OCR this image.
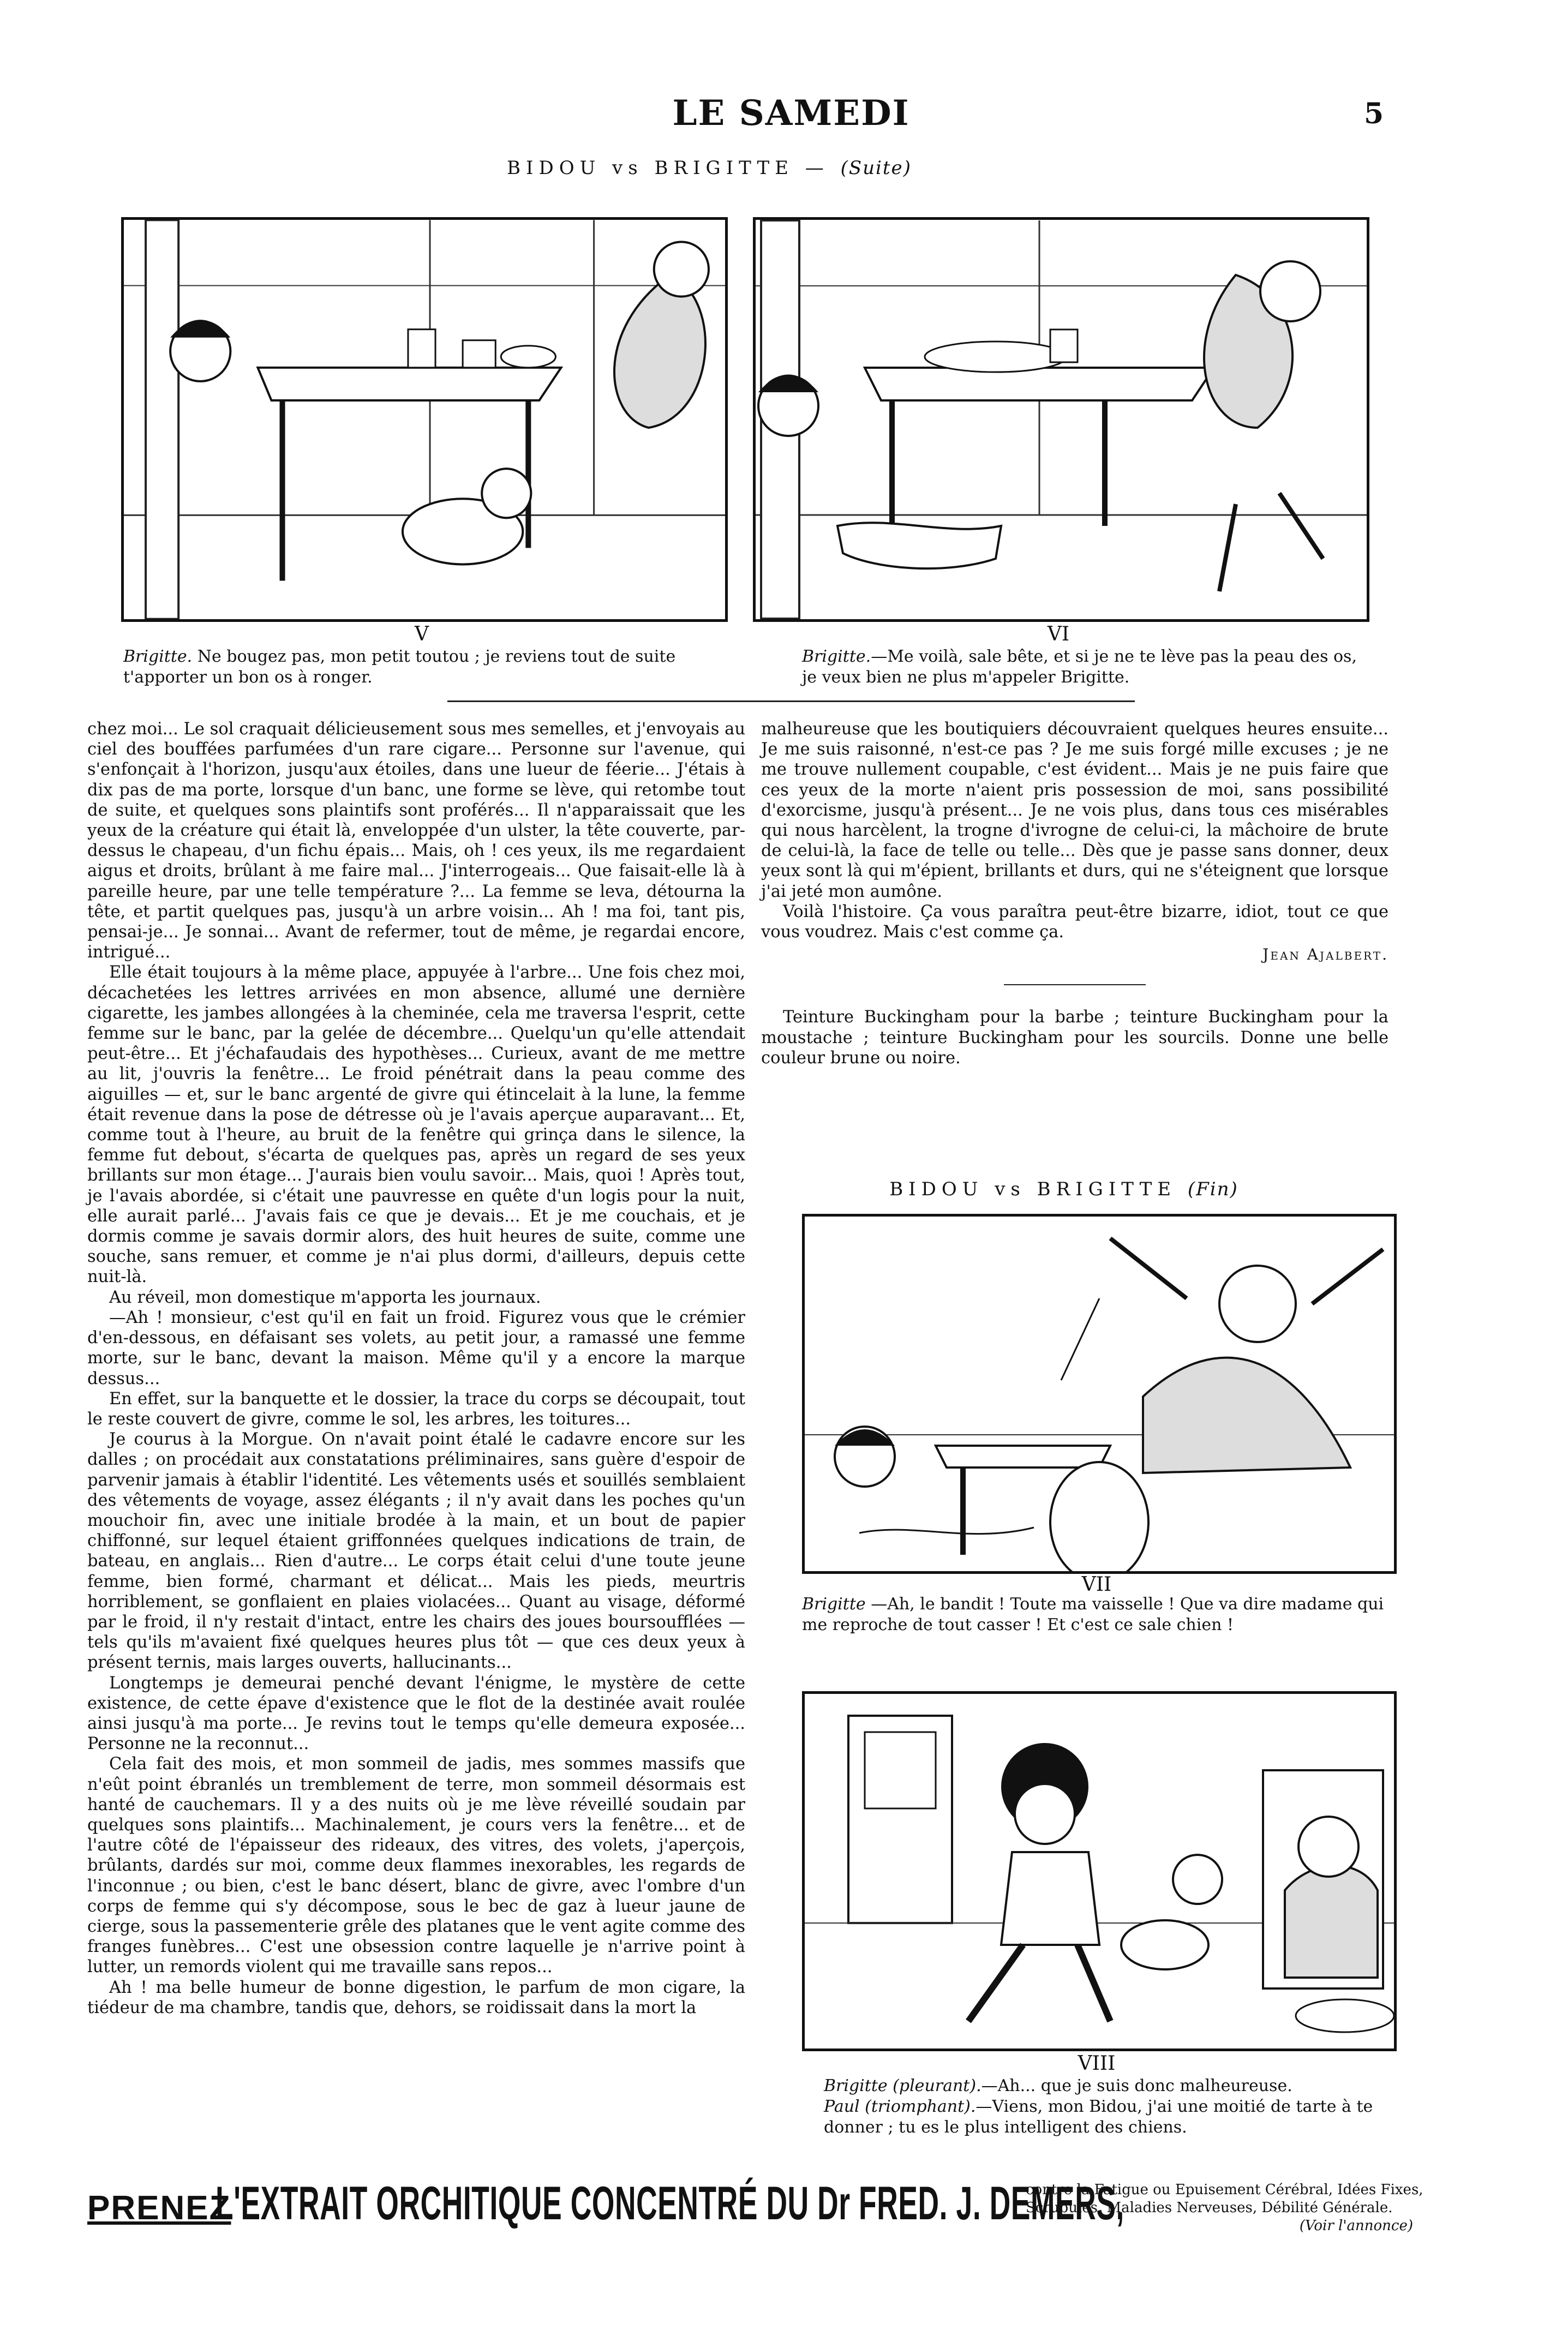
LE SAMEDI	5
BIDOU vs BRIGITTE — (Suite)
V
Brigitte. Ne bougez pas, mon petit toutou ; je reviens tout de suite t'apporter un bon os à ronger.
VI
Brigitte.—Me voilà, sale bête, et si je ne te lève pas la peau des os, je veux bien ne plus m'appeler Brigitte.

chez moi... Le sol craquait délicieusement sous mes semelles, et j'envoyais au ciel des bouffées parfumées d'un rare cigare... Personne sur l'avenue, qui s'enfonçait à l'horizon, jusqu'aux étoiles, dans une lueur de féerie... J'étais à dix pas de ma porte, lorsque d'un banc, une forme se lève, qui retombe tout de suite, et quelques sons plaintifs sont proférés... Il n'apparaissait que les yeux de la créature qui était là, enveloppée d'un ulster, la tête couverte, par-dessus le chapeau, d'un fichu épais... Mais, oh ! ces yeux, ils me regardaient aigus et droits, brûlant à me faire mal... J'interrogeais... Que faisait-elle là à pareille heure, par une telle température ?... La femme se leva, détourna la tête, et partit quelques pas, jusqu'à un arbre voisin... Ah ! ma foi, tant pis, pensai-je... Je sonnai... Avant de refermer, tout de même, je regardai encore, intrigué...

Elle était toujours à la même place, appuyée à l'arbre... Une fois chez moi, décachetées les lettres arrivées en mon absence, allumé une dernière cigarette, les jambes allongées à la cheminée, cela me traversa l'esprit, cette femme sur le banc, par la gelée de décembre... Quelqu'un qu'elle attendait peut-être... Et j'échafaudais des hypothèses... Curieux, avant de me mettre au lit, j'ouvris la fenêtre... Le froid pénétrait dans la peau comme des aiguilles — et, sur le banc argenté de givre qui étincelait à la lune, la femme était revenue dans la pose de détresse où je l'avais aperçue auparavant... Et, comme tout à l'heure, au bruit de la fenêtre qui grinça dans le silence, la femme fut debout, s'écarta de quelques pas, après un regard de ses yeux brillants sur mon étage... J'aurais bien voulu savoir... Mais, quoi ! Après tout, je l'avais abordée, si c'était une pauvresse en quête d'un logis pour la nuit, elle aurait parlé... J'avais fais ce que je devais... Et je me couchais, et je dormis comme je savais dormir alors, des huit heures de suite, comme une souche, sans remuer, et comme je n'ai plus dormi, d'ailleurs, depuis cette nuit-là.

Au réveil, mon domestique m'apporta les journaux.

—Ah ! monsieur, c'est qu'il en fait un froid. Figurez vous que le crémier d'en-dessous, en défaisant ses volets, au petit jour, a ramassé une femme morte, sur le banc, devant la maison. Même qu'il y a encore la marque dessus...

En effet, sur la banquette et le dossier, la trace du corps se découpait, tout le reste couvert de givre, comme le sol, les arbres, les toitures...

Je courus à la Morgue. On n'avait point étalé le cadavre encore sur les dalles ; on procédait aux constatations préliminaires, sans guère d'espoir de parvenir jamais à établir l'identité. Les vêtements usés et souillés semblaient des vêtements de voyage, assez élégants ; il n'y avait dans les poches qu'un mouchoir fin, avec une initiale brodée à la main, et un bout de papier chiffonné, sur lequel étaient griffonnées quelques indications de train, de bateau, en anglais... Rien d'autre... Le corps était celui d'une toute jeune femme, bien formé, charmant et délicat... Mais les pieds, meurtris horriblement, se gonflaient en plaies violacées... Quant au visage, déformé par le froid, il n'y restait d'intact, entre les chairs des joues boursoufflées — tels qu'ils m'avaient fixé quelques heures plus tôt — que ces deux yeux à présent ternis, mais larges ouverts, hallucinants...

Longtemps je demeurai penché devant l'énigme, le mystère de cette existence, de cette épave d'existence que le flot de la destinée avait roulée ainsi jusqu'à ma porte... Je revins tout le temps qu'elle demeura exposée... Personne ne la reconnut...

Cela fait des mois, et mon sommeil de jadis, mes sommes massifs que n'eût point ébranlés un tremblement de terre, mon sommeil désormais est hanté de cauchemars. Il y a des nuits où je me lève réveillé soudain par quelques sons plaintifs... Machinalement, je cours vers la fenêtre... et de l'autre côté de l'épaisseur des rideaux, des vitres, des volets, j'aperçois, brûlants, dardés sur moi, comme deux flammes inexorables, les regards de l'inconnue ; ou bien, c'est le banc désert, blanc de givre, avec l'ombre d'un corps de femme qui s'y décompose, sous le bec de gaz à lueur jaune de cierge, sous la passementerie grêle des platanes que le vent agite comme des franges funèbres... C'est une obsession contre laquelle je n'arrive point à lutter, un remords violent qui me travaille sans repos...

Ah ! ma belle humeur de bonne digestion, le parfum de mon cigare, la tiédeur de ma chambre, tandis que, dehors, se roidissait dans la mort la

malheureuse que les boutiquiers découvraient quelques heures ensuite... Je me suis raisonné, n'est-ce pas ? Je me suis forgé mille excuses ; je ne me trouve nullement coupable, c'est évident... Mais je ne puis faire que ces yeux de la morte n'aient pris possession de moi, sans possibilité d'exorcisme, jusqu'à présent... Je ne vois plus, dans tous ces misérables qui nous harcèlent, la trogne d'ivrogne de celui-ci, la mâchoire de brute de celui-là, la face de telle ou telle... Dès que je passe sans donner, deux yeux sont là qui m'épient, brillants et durs, qui ne s'éteignent que lorsque j'ai jeté mon aumône.

Voilà l'histoire. Ça vous paraîtra peut-être bizarre, idiot, tout ce que vous voudrez. Mais c'est comme ça.

Jean Ajalbert.

Teinture Buckingham pour la barbe ; teinture Buckingham pour la moustache ; teinture Buckingham pour les sourcils. Donne une belle couleur brune ou noire.

BIDOU vs BRIGITTE (Fin)
VII
Brigitte —Ah, le bandit ! Toute ma vaisselle ! Que va dire madame qui me reproche de tout casser ! Et c'est ce sale chien !
VIII
Brigitte (pleurant).—Ah... que je suis donc malheureuse.
Paul (triomphant).—Viens, mon Bidou, j'ai une moitié de tarte à te donner ; tu es le plus intelligent des chiens.
PRENEZ
L'EXTRAIT ORCHITIQUE CONCENTRÉ DU Dr FRED. J. DEMERS,
contre la Fatigue ou Epuisement Cérébral, Idées Fixes, Scrupules, Maladies Nerveuses, Débilité Générale.
(Voir l'annonce)
